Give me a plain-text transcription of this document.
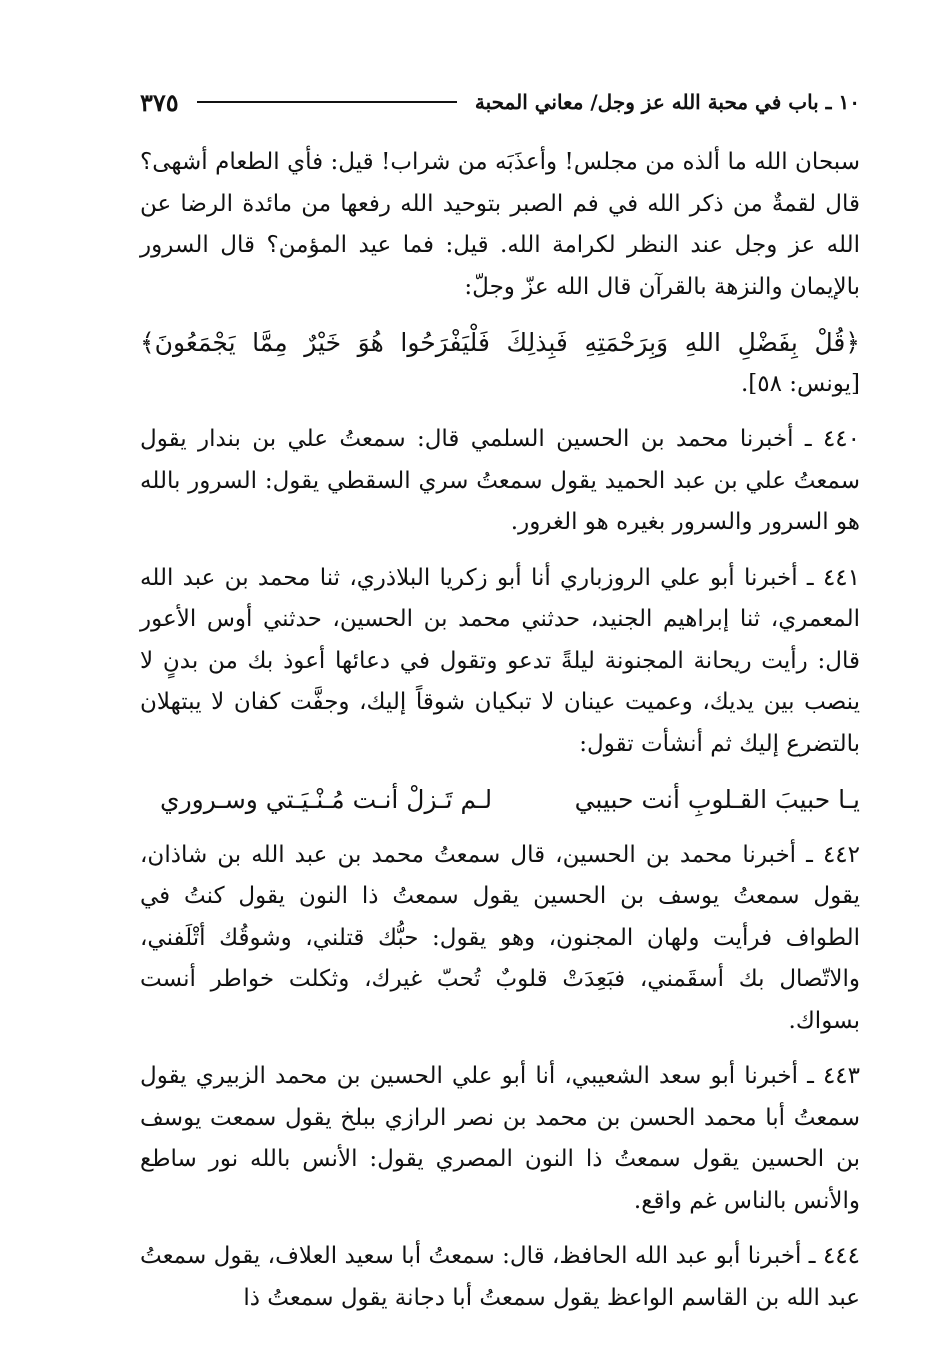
١٠ ـ باب في محبة الله عز وجل/ معاني المحبة
٣٧٥

سبحان الله ما ألذه من مجلس! وأعذَبَه من شراب! قيل: فأي الطعام أشهى؟ قال لقمةٌ من ذكر الله في فم الصبر بتوحيد الله رفعها من مائدة الرضا عن الله عز وجل عند النظر لكرامة الله. قيل: فما عيد المؤمن؟ قال السرور بالإيمان والنزهة بالقرآن قال الله عزّ وجلّ:

﴿قُلْ بِفَضْلِ اللهِ وَبِرَحْمَتِهِ فَبِذلِكَ فَلْيَفْرَحُوا هُوَ خَيْرٌ مِمَّا يَجْمَعُونَ﴾

[يونس: ٥٨].

٤٤٠ ـ أخبرنا محمد بن الحسين السلمي قال: سمعتُ علي بن بندار يقول سمعتُ علي بن عبد الحميد يقول سمعتُ سري السقطي يقول: السرور بالله هو السرور والسرور بغيره هو الغرور.

٤٤١ ـ أخبرنا أبو علي الروزباري أنا أبو زكريا البلاذري، ثنا محمد بن عبد الله المعمري، ثنا إبراهيم الجنيد، حدثني محمد بن الحسين، حدثني أوس الأعور قال: رأيت ريحانة المجنونة ليلةً تدعو وتقول في دعائها أعوذ بك من بدنٍ لا ينصب بين يديك، وعميت عينان لا تبكيان شوقاً إليك، وجفَّت كفان لا يبتهلان بالتضرع إليك ثم أنشأت تقول:

يـا حبيبَ القـلوبِ أنت حبيبي
لـم تَـزلْ أنـت مُـنْـيَـتي وسـروري

٤٤٢ ـ أخبرنا محمد بن الحسين، قال سمعتُ محمد بن عبد الله بن شاذان، يقول سمعتُ يوسف بن الحسين يقول سمعتُ ذا النون يقول كنتُ في الطواف فرأيت ولهان المجنون، وهو يقول: حبُّك قتلني، وشوقُك أتْلَفني، والاتّصال بك أسقَمني، فبَعِدَتْ قلوبٌ تُحبّ غيرك، وثكلت خواطر أنست بسواك.

٤٤٣ ـ أخبرنا أبو سعد الشعيبي، أنا أبو علي الحسين بن محمد الزبيري يقول سمعتُ أبا محمد الحسن بن محمد بن نصر الرازي ببلخ يقول سمعت يوسف بن الحسين يقول سمعتُ ذا النون المصري يقول: الأنس بالله نور ساطع والأنس بالناس غم واقع.

٤٤٤ ـ أخبرنا أبو عبد الله الحافظ، قال: سمعتُ أبا سعيد العلاف، يقول سمعتُ عبد الله بن القاسم الواعظ يقول سمعتُ أبا دجانة يقول سمعتُ ذا
